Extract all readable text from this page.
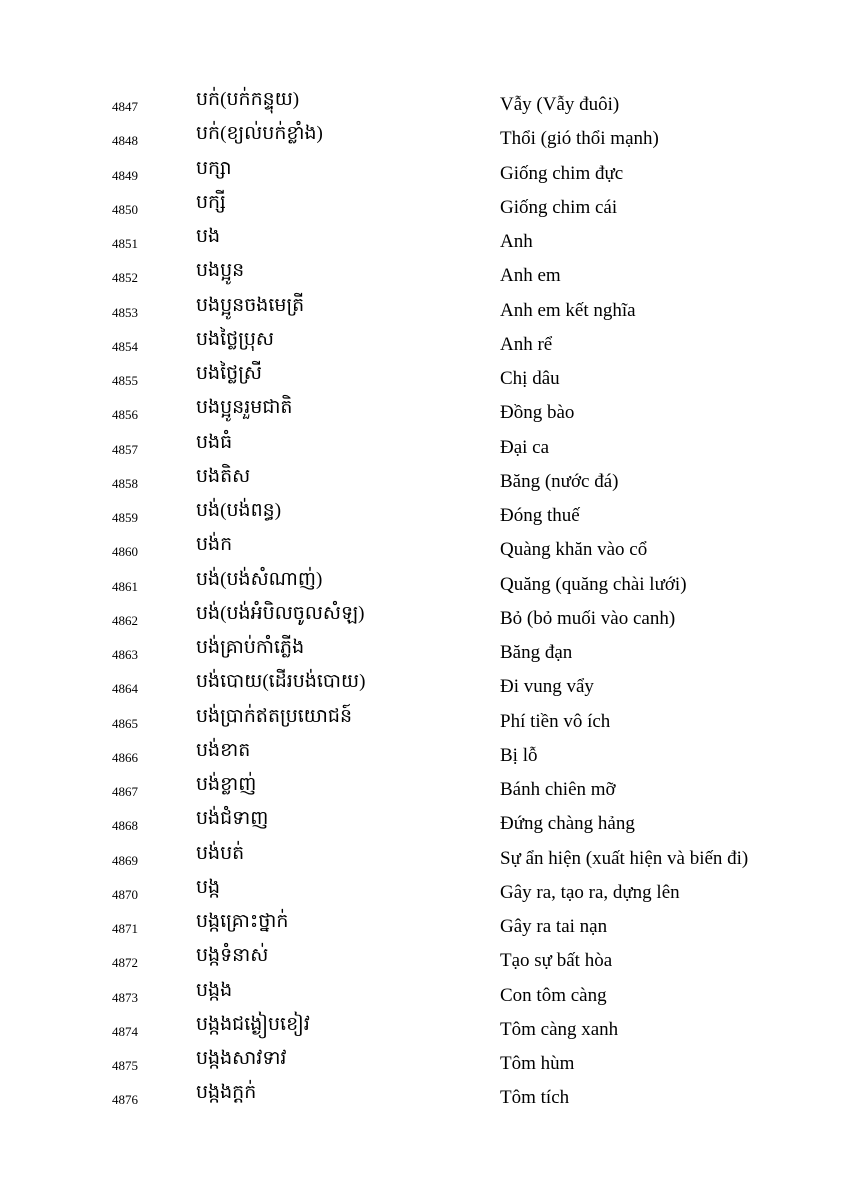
4847	បក់(បក់កន្ទុយ)	Vẫy (Vẫy đuôi)
4848	បក់(ខ្យល់បក់ខ្លាំង)	Thổi (gió thổi mạnh)
4849	បក្សា	Giống chim đực
4850	បក្សី	Giống chim cái
4851	បង	Anh
4852	បងប្អូន	Anh em
4853	បងប្អូនចងមេត្រី	Anh em kết nghĩa
4854	បងថ្លៃប្រុស	Anh rể
4855	បងថ្លៃស្រី	Chị dâu
4856	បងប្អូនរួមជាតិ	Đồng bào
4857	បងធំ	Đại ca
4858	បងតិស	Băng (nước đá)
4859	បង់(បង់ពន្ធ)	Đóng thuế
4860	បង់ក	Quàng khăn vào cổ
4861	បង់(បង់សំណាញ់)	Quăng (quăng chài lưới)
4862	បង់(បង់អំបិលចូលសំឡ)	Bỏ (bỏ muối vào canh)
4863	បង់គ្រាប់កាំភ្លើង	Băng đạn
4864	បង់បោយ(ដើរបង់បោយ)	Đi vung vẩy
4865	បង់ប្រាក់ឥតប្រយោជន៍	Phí tiền vô ích
4866	បង់ខាត	Bị lỗ
4867	បង់ខ្លាញ់	Bánh chiên mỡ
4868	បង់ជំទាញ	Đứng chàng hảng
4869	បង់បត់	Sự ẩn hiện (xuất hiện và biến đi)
4870	បង្ក	Gây ra, tạo ra, dựng lên
4871	បង្កគ្រោះថ្នាក់	Gây ra tai nạn
4872	បង្កទំនាស់	Tạo sự bất hòa
4873	បង្កង	Con tôm càng
4874	បង្កងជង្ងៀបខៀវ	Tôm càng xanh
4875	បង្កងសាវទាវ	Tôm hùm
4876	បង្កងក្ដក់	Tôm tích
